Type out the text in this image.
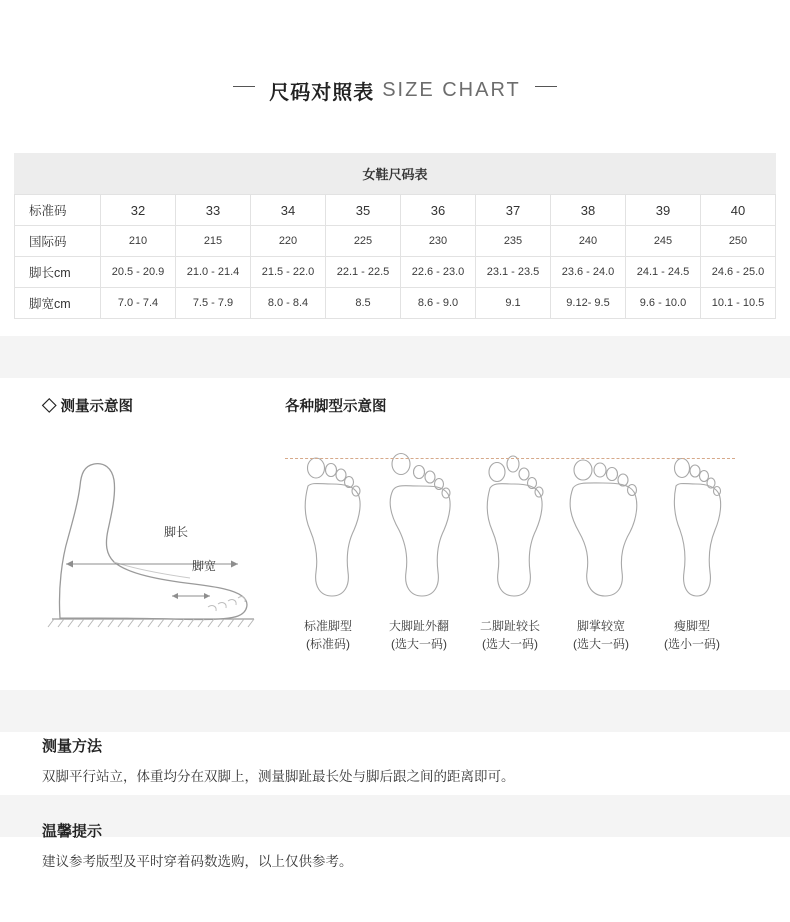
尺码对照表 SIZE CHART
女鞋尺码表
标准码	32	33	34	35	36	37	38	39	40
国际码	210	215	220	225	230	235	240	245	250
脚长cm	20.5 - 20.9	21.0 - 21.4	21.5 - 22.0	22.1 - 22.5	22.6 - 23.0	23.1 - 23.5	23.6 - 24.0	24.1 - 24.5	24.6 - 25.0
脚宽cm	7.0 - 7.4	7.5 - 7.9	8.0 - 8.4	8.5	8.6 - 9.0	9.1	9.12- 9.5	9.6 - 10.0	10.1 - 10.5
◇ 测量示意图
脚长
脚宽
各种脚型示意图
标准脚型
(标准码)
大脚趾外翻
(选大一码)
二脚趾较长
(选大一码)
脚掌较宽
(选大一码)
瘦脚型
(选小一码)
测量方法
双脚平行站立，体重均分在双脚上，测量脚趾最长处与脚后跟之间的距离即可。
温馨提示
建议参考版型及平时穿着码数选购，以上仅供参考。
